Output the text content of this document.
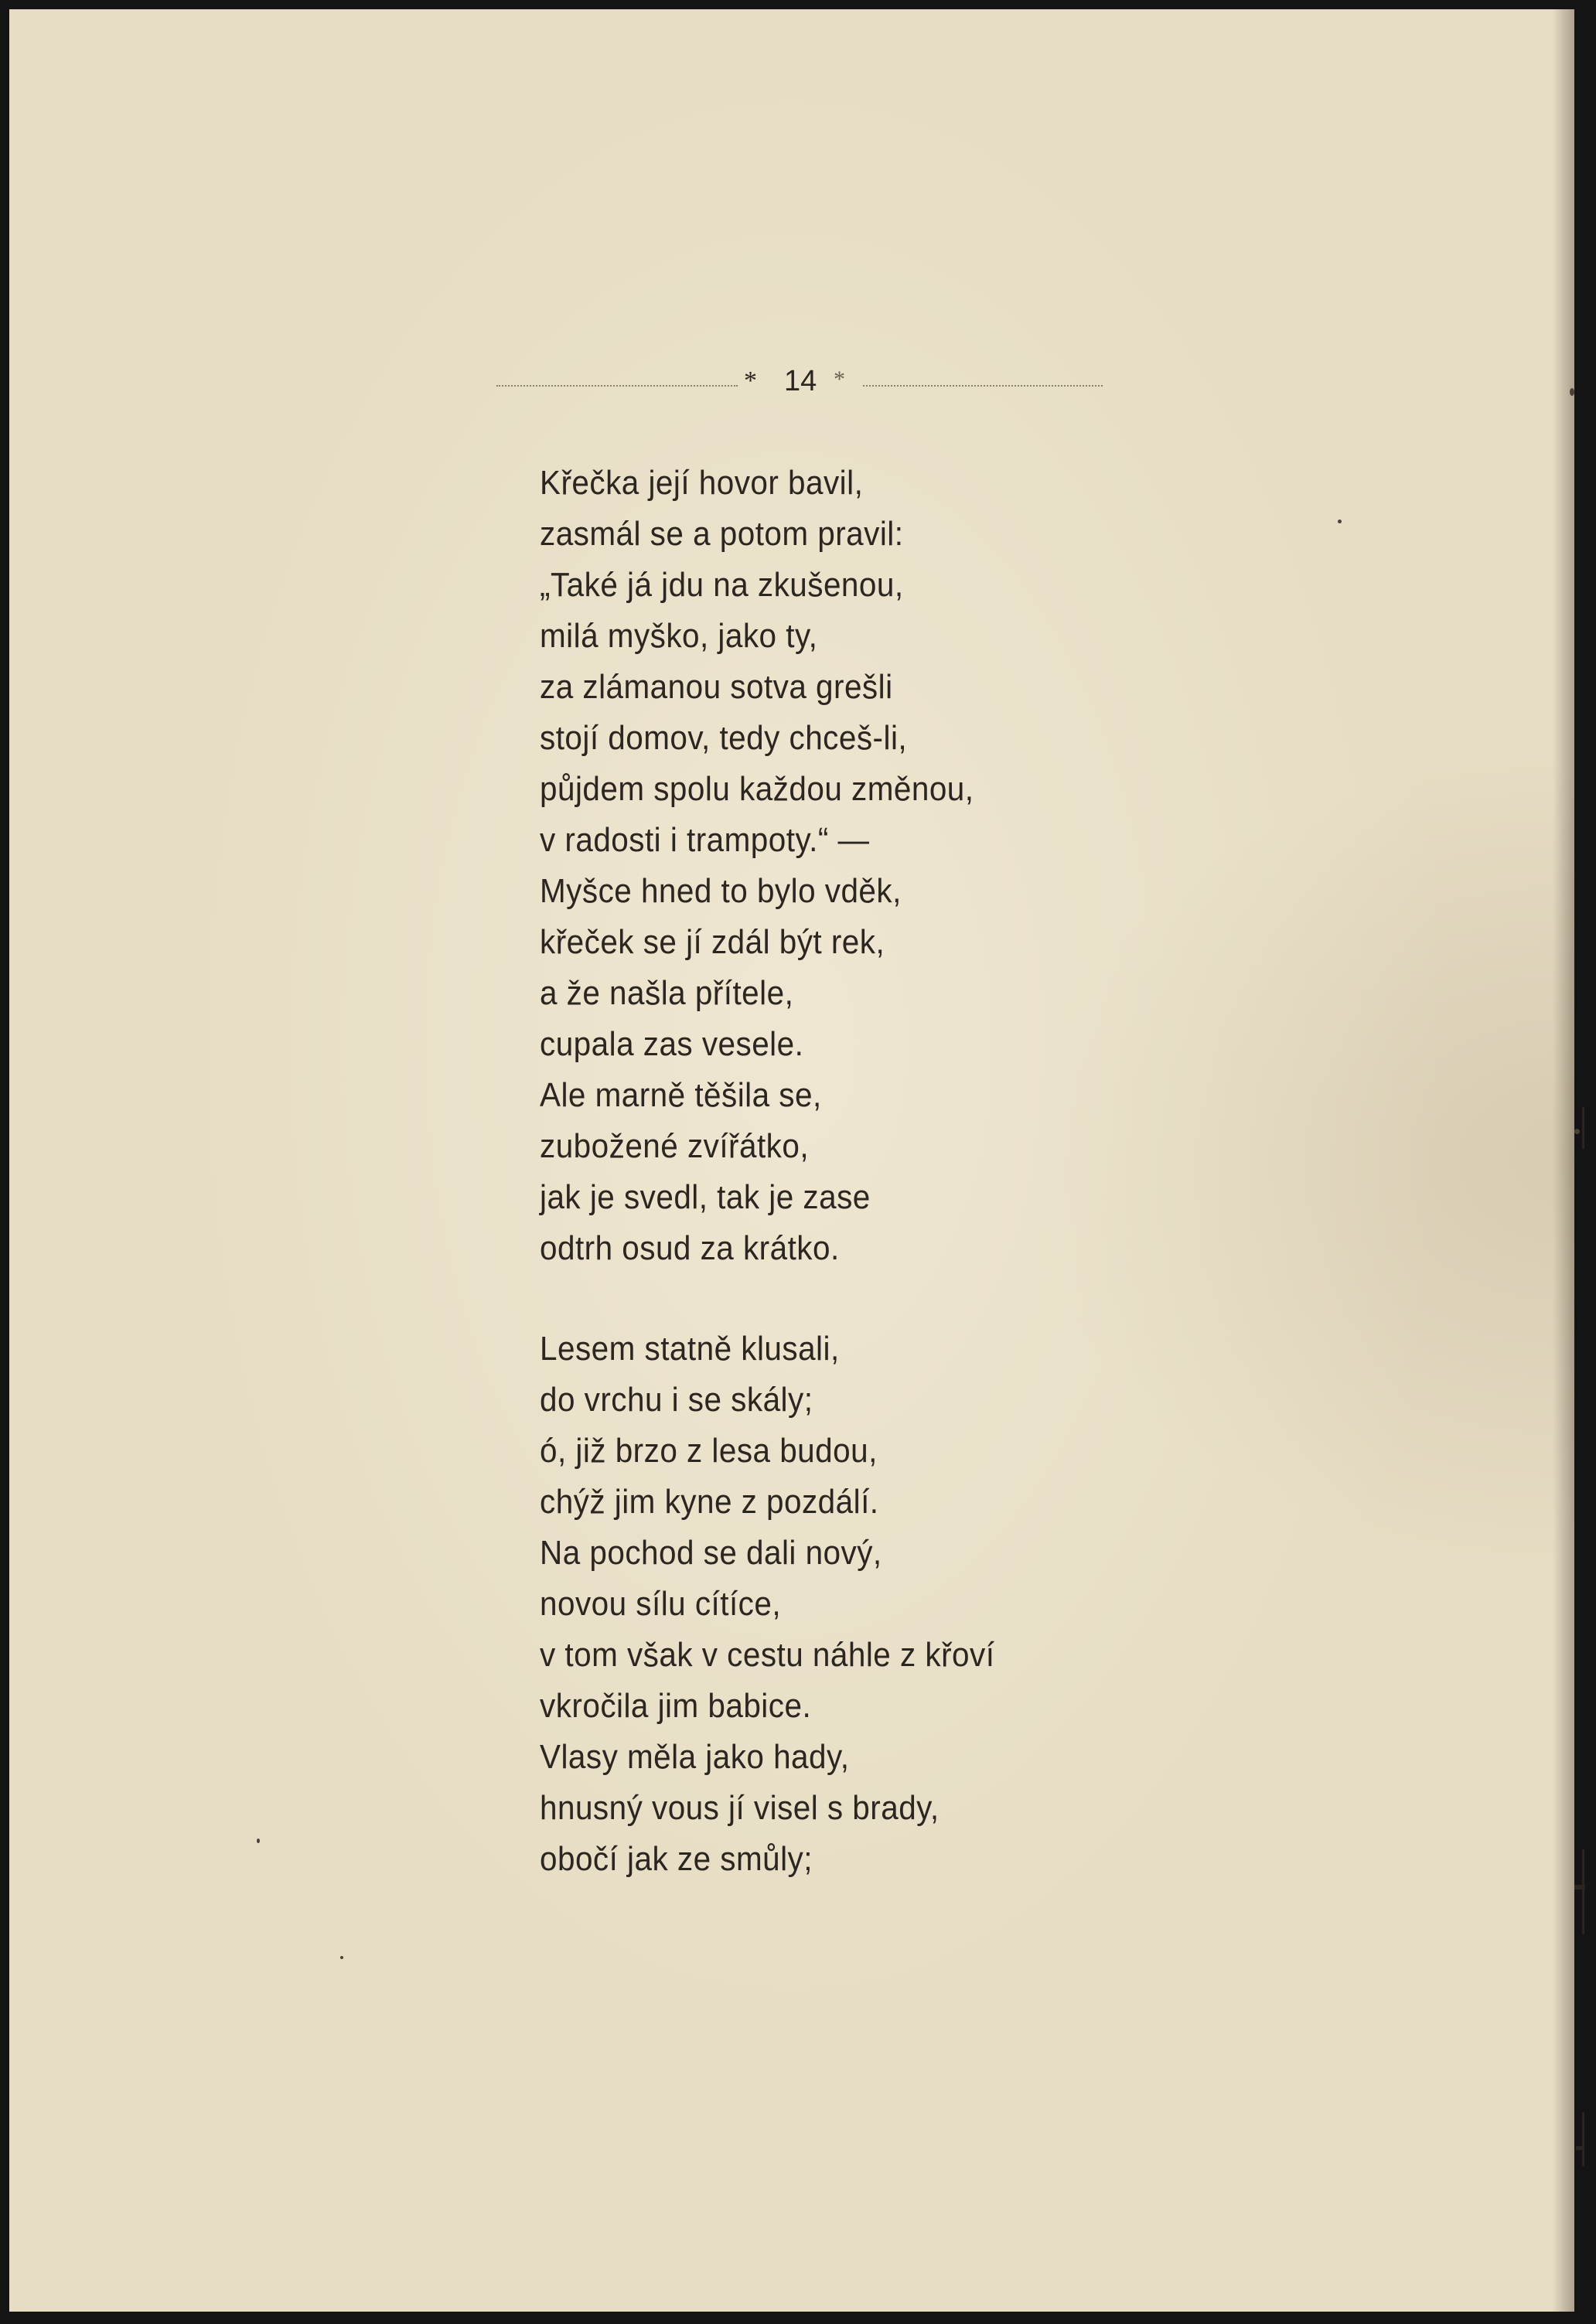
* 14 *
Křečka její hovor bavil,
zasmál se a potom pravil:
„Také já jdu na zkušenou,
milá myško, jako ty,
za zlámanou sotva grešli
stojí domov, tedy chceš-li,
půjdem spolu každou změnou,
v radosti i trampoty.“ —
Myšce hned to bylo vděk,
křeček se jí zdál být rek,
a že našla přítele,
cupala zas vesele.
Ale marně těšila se,
zubožené zvířátko,
jak je svedl, tak je zase
odtrh osud za krátko.
Lesem statně klusali,
do vrchu i se skály;
ó, již brzo z lesa budou,
chýž jim kyne z pozdálí.
Na pochod se dali nový,
novou sílu cítíce,
v tom však v cestu náhle z křoví
vkročila jim babice.
Vlasy měla jako hady,
hnusný vous jí visel s brady,
obočí jak ze smůly;
